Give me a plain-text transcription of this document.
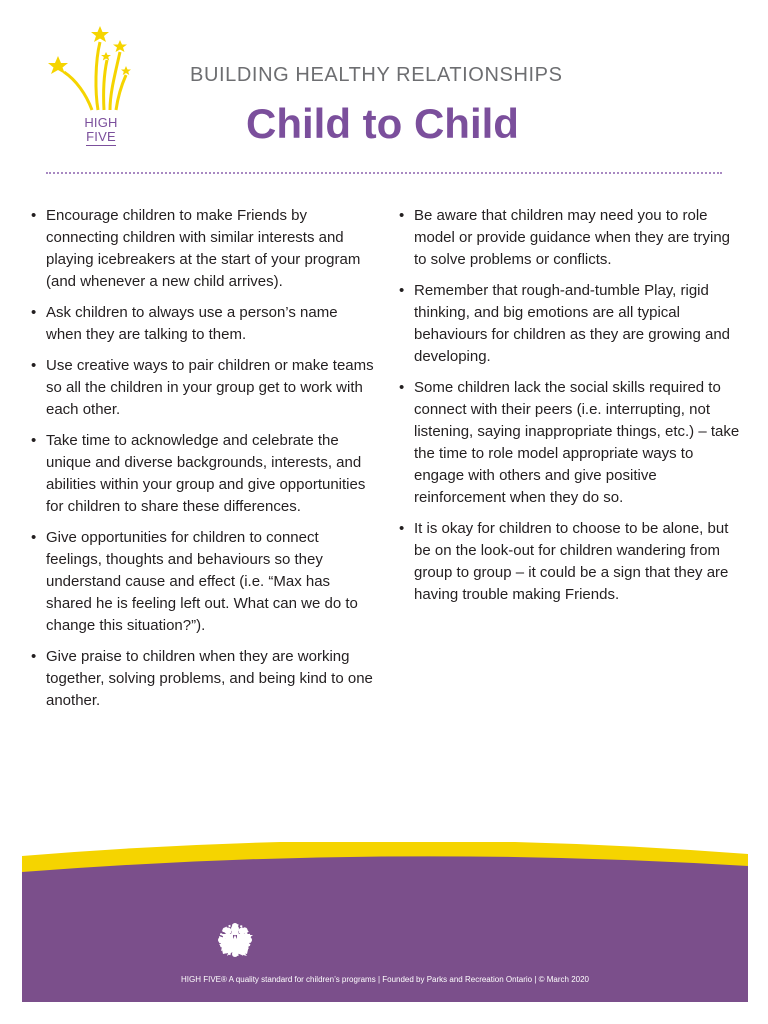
HIGH
FIVE
BUILDING HEALTHY RELATIONSHIPS
Child to Child
• Encourage children to make Friends by connecting children with similar interests and playing icebreakers at the start of your program (and whenever a new child arrives).
• Ask children to always use a person’s name when they are talking to them.
• Use creative ways to pair children or make teams so all the children in your group get to work with each other.
• Take time to acknowledge and celebrate the unique and diverse backgrounds, interests, and abilities within your group and give opportunities for children to share these differences.
• Give opportunities for children to connect feelings, thoughts and behaviours so they understand cause and effect (i.e. “Max has shared he is feeling left out. What can we do to change this situation?”).
• Give praise to children when they are working together, solving problems, and being kind to one another.
• Be aware that children may need you to role model or provide guidance when they are trying to solve problems or conflicts.
• Remember that rough-and-tumble Play, rigid thinking, and big emotions are all typical behaviours for children as they are growing and developing.
• Some children lack the social skills required to connect with their peers (i.e. interrupting, not listening, saying inappropriate things, etc.) – take the time to role model appropriate ways to engage with others and give positive reinforcement when they do so.
• It is okay for children to choose to be alone, but be on the look-out for children wandering from group to group – it could be a sign that they are having trouble making Friends.
HIGH FIVE® A quality standard for children’s programs | Founded by Parks and Recreation Ontario | © March 2020
